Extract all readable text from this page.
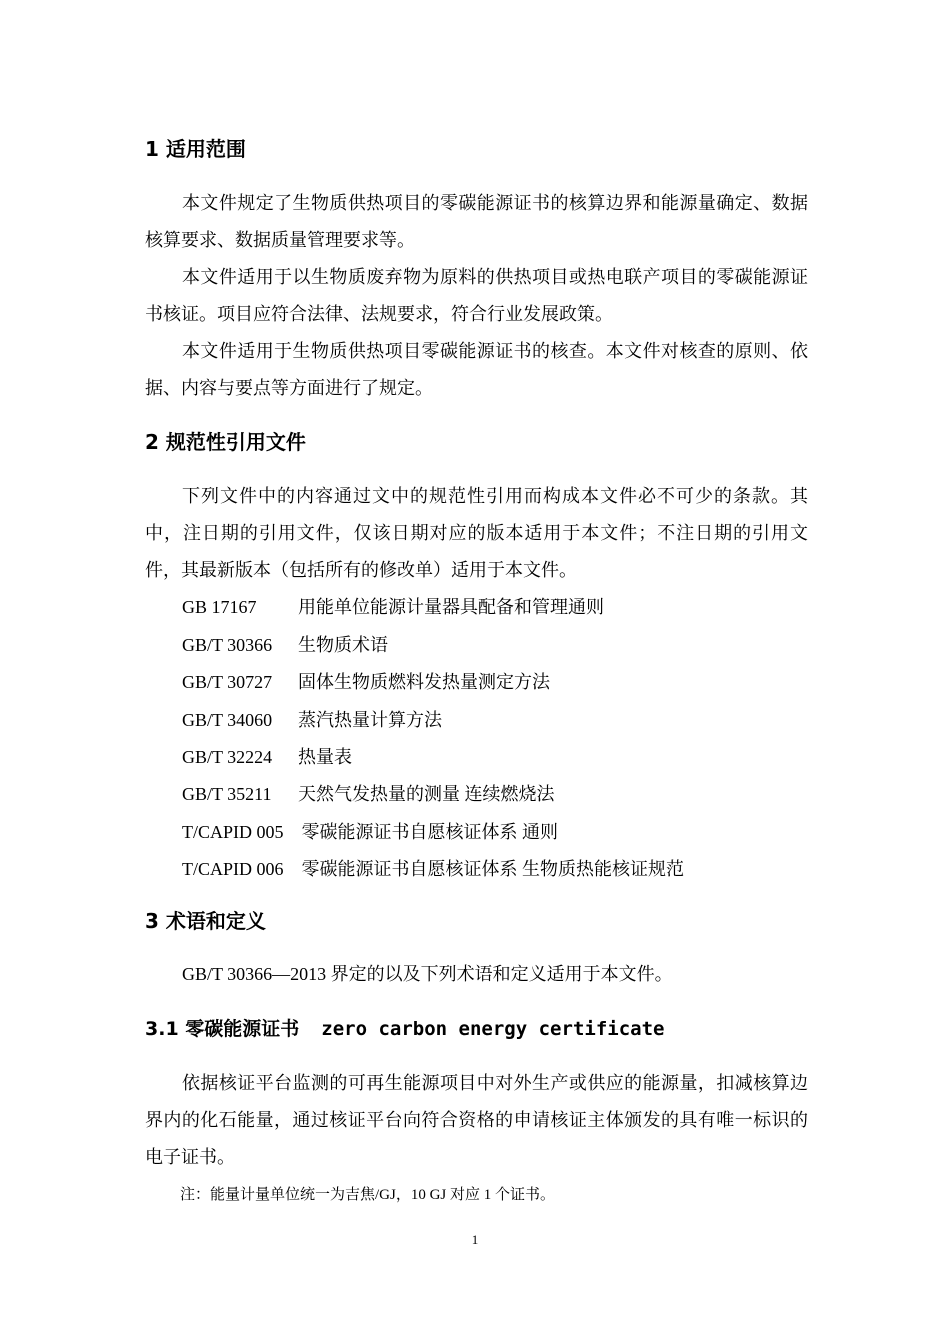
1 适用范围

本文件规定了生物质供热项目的零碳能源证书的核算边界和能源量确定、数据核算要求、数据质量管理要求等。

本文件适用于以生物质废弃物为原料的供热项目或热电联产项目的零碳能源证书核证。项目应符合法律、法规要求，符合行业发展政策。

本文件适用于生物质供热项目零碳能源证书的核查。本文件对核查的原则、依据、内容与要点等方面进行了规定。

2 规范性引用文件

下列文件中的内容通过文中的规范性引用而构成本文件必不可少的条款。其中，注日期的引用文件，仅该日期对应的版本适用于本文件；不注日期的引用文件，其最新版本（包括所有的修改单）适用于本文件。

GB 17167 用能单位能源计量器具配备和管理通则
GB/T 30366 生物质术语
GB/T 30727 固体生物质燃料发热量测定方法
GB/T 34060 蒸汽热量计算方法
GB/T 32224 热量表
GB/T 35211 天然气发热量的测量 连续燃烧法
T/CAPID 005 零碳能源证书自愿核证体系 通则
T/CAPID 006 零碳能源证书自愿核证体系 生物质热能核证规范
3 术语和定义

GB/T 30366—2013 界定的以及下列术语和定义适用于本文件。

3.1 零碳能源证书 zero carbon energy certificate

依据核证平台监测的可再生能源项目中对外生产或供应的能源量，扣减核算边界内的化石能量，通过核证平台向符合资格的申请核证主体颁发的具有唯一标识的电子证书。

注：能量计量单位统一为吉焦/GJ，10 GJ 对应 1 个证书。
1
